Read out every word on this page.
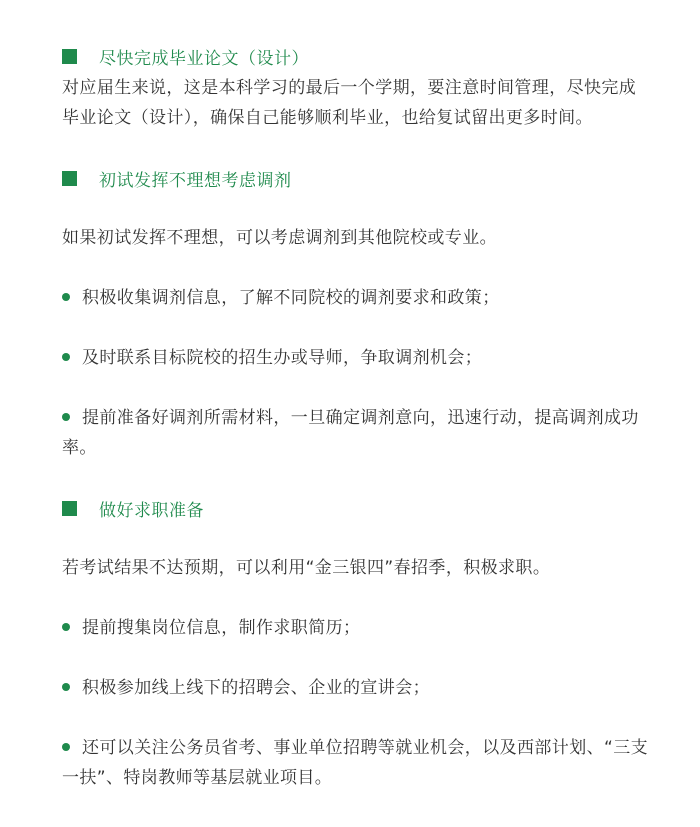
尽快完成毕业论文（设计）

对应届生来说，这是本科学习的最后一个学期，要注意时间管理，尽快完成毕业论文（设计），确保自己能够顺利毕业，也给复试留出更多时间。

初试发挥不理想考虑调剂

如果初试发挥不理想，可以考虑调剂到其他院校或专业。

积极收集调剂信息，了解不同院校的调剂要求和政策；

及时联系目标院校的招生办或导师，争取调剂机会；

提前准备好调剂所需材料，一旦确定调剂意向，迅速行动，提高调剂成功率。

做好求职准备

若考试结果不达预期，可以利用“金三银四”春招季，积极求职。

提前搜集岗位信息，制作求职简历；

积极参加线上线下的招聘会、企业的宣讲会；

还可以关注公务员省考、事业单位招聘等就业机会，以及西部计划、“三支一扶”、特岗教师等基层就业项目。
